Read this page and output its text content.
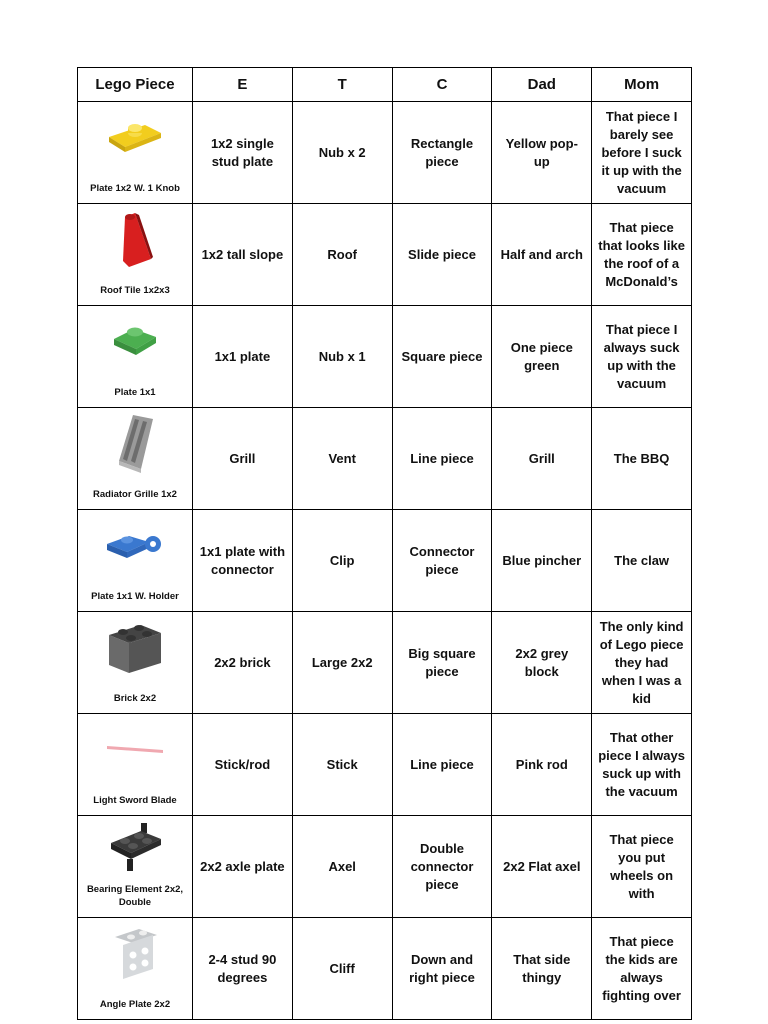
Lego Piece	E	T	C	Dad	Mom

Plate 1x2 W. 1 Knob	1x2 single stud plate	Nub x 2	Rectangle piece	Yellow pop-up	That piece I barely see before I suck it up with the vacuum

Roof Tile 1x2x3	1x2 tall slope	Roof	Slide piece	Half and arch	That piece that looks like the roof of a McDonald’s

Plate 1x1	1x1 plate	Nub x 1	Square piece	One piece green	That piece I always suck up with the vacuum

Radiator Grille 1x2	Grill	Vent	Line piece	Grill	The BBQ

Plate 1x1 W. Holder	1x1 plate with connector	Clip	Connector piece	Blue pincher	The claw

Brick 2x2	2x2 brick	Large 2x2	Big square piece	2x2 grey block	The only kind of Lego piece they had when I was a kid

Light Sword Blade	Stick/rod	Stick	Line piece	Pink rod	That other piece I always suck up with the vacuum

Bearing Element 2x2, Double	2x2 axle plate	Axel	Double connector piece	2x2 Flat axel	That piece you put wheels on with

Angle Plate 2x2	2-4 stud 90 degrees	Cliff	Down and right piece	That side thingy	That piece the kids are always fighting over
